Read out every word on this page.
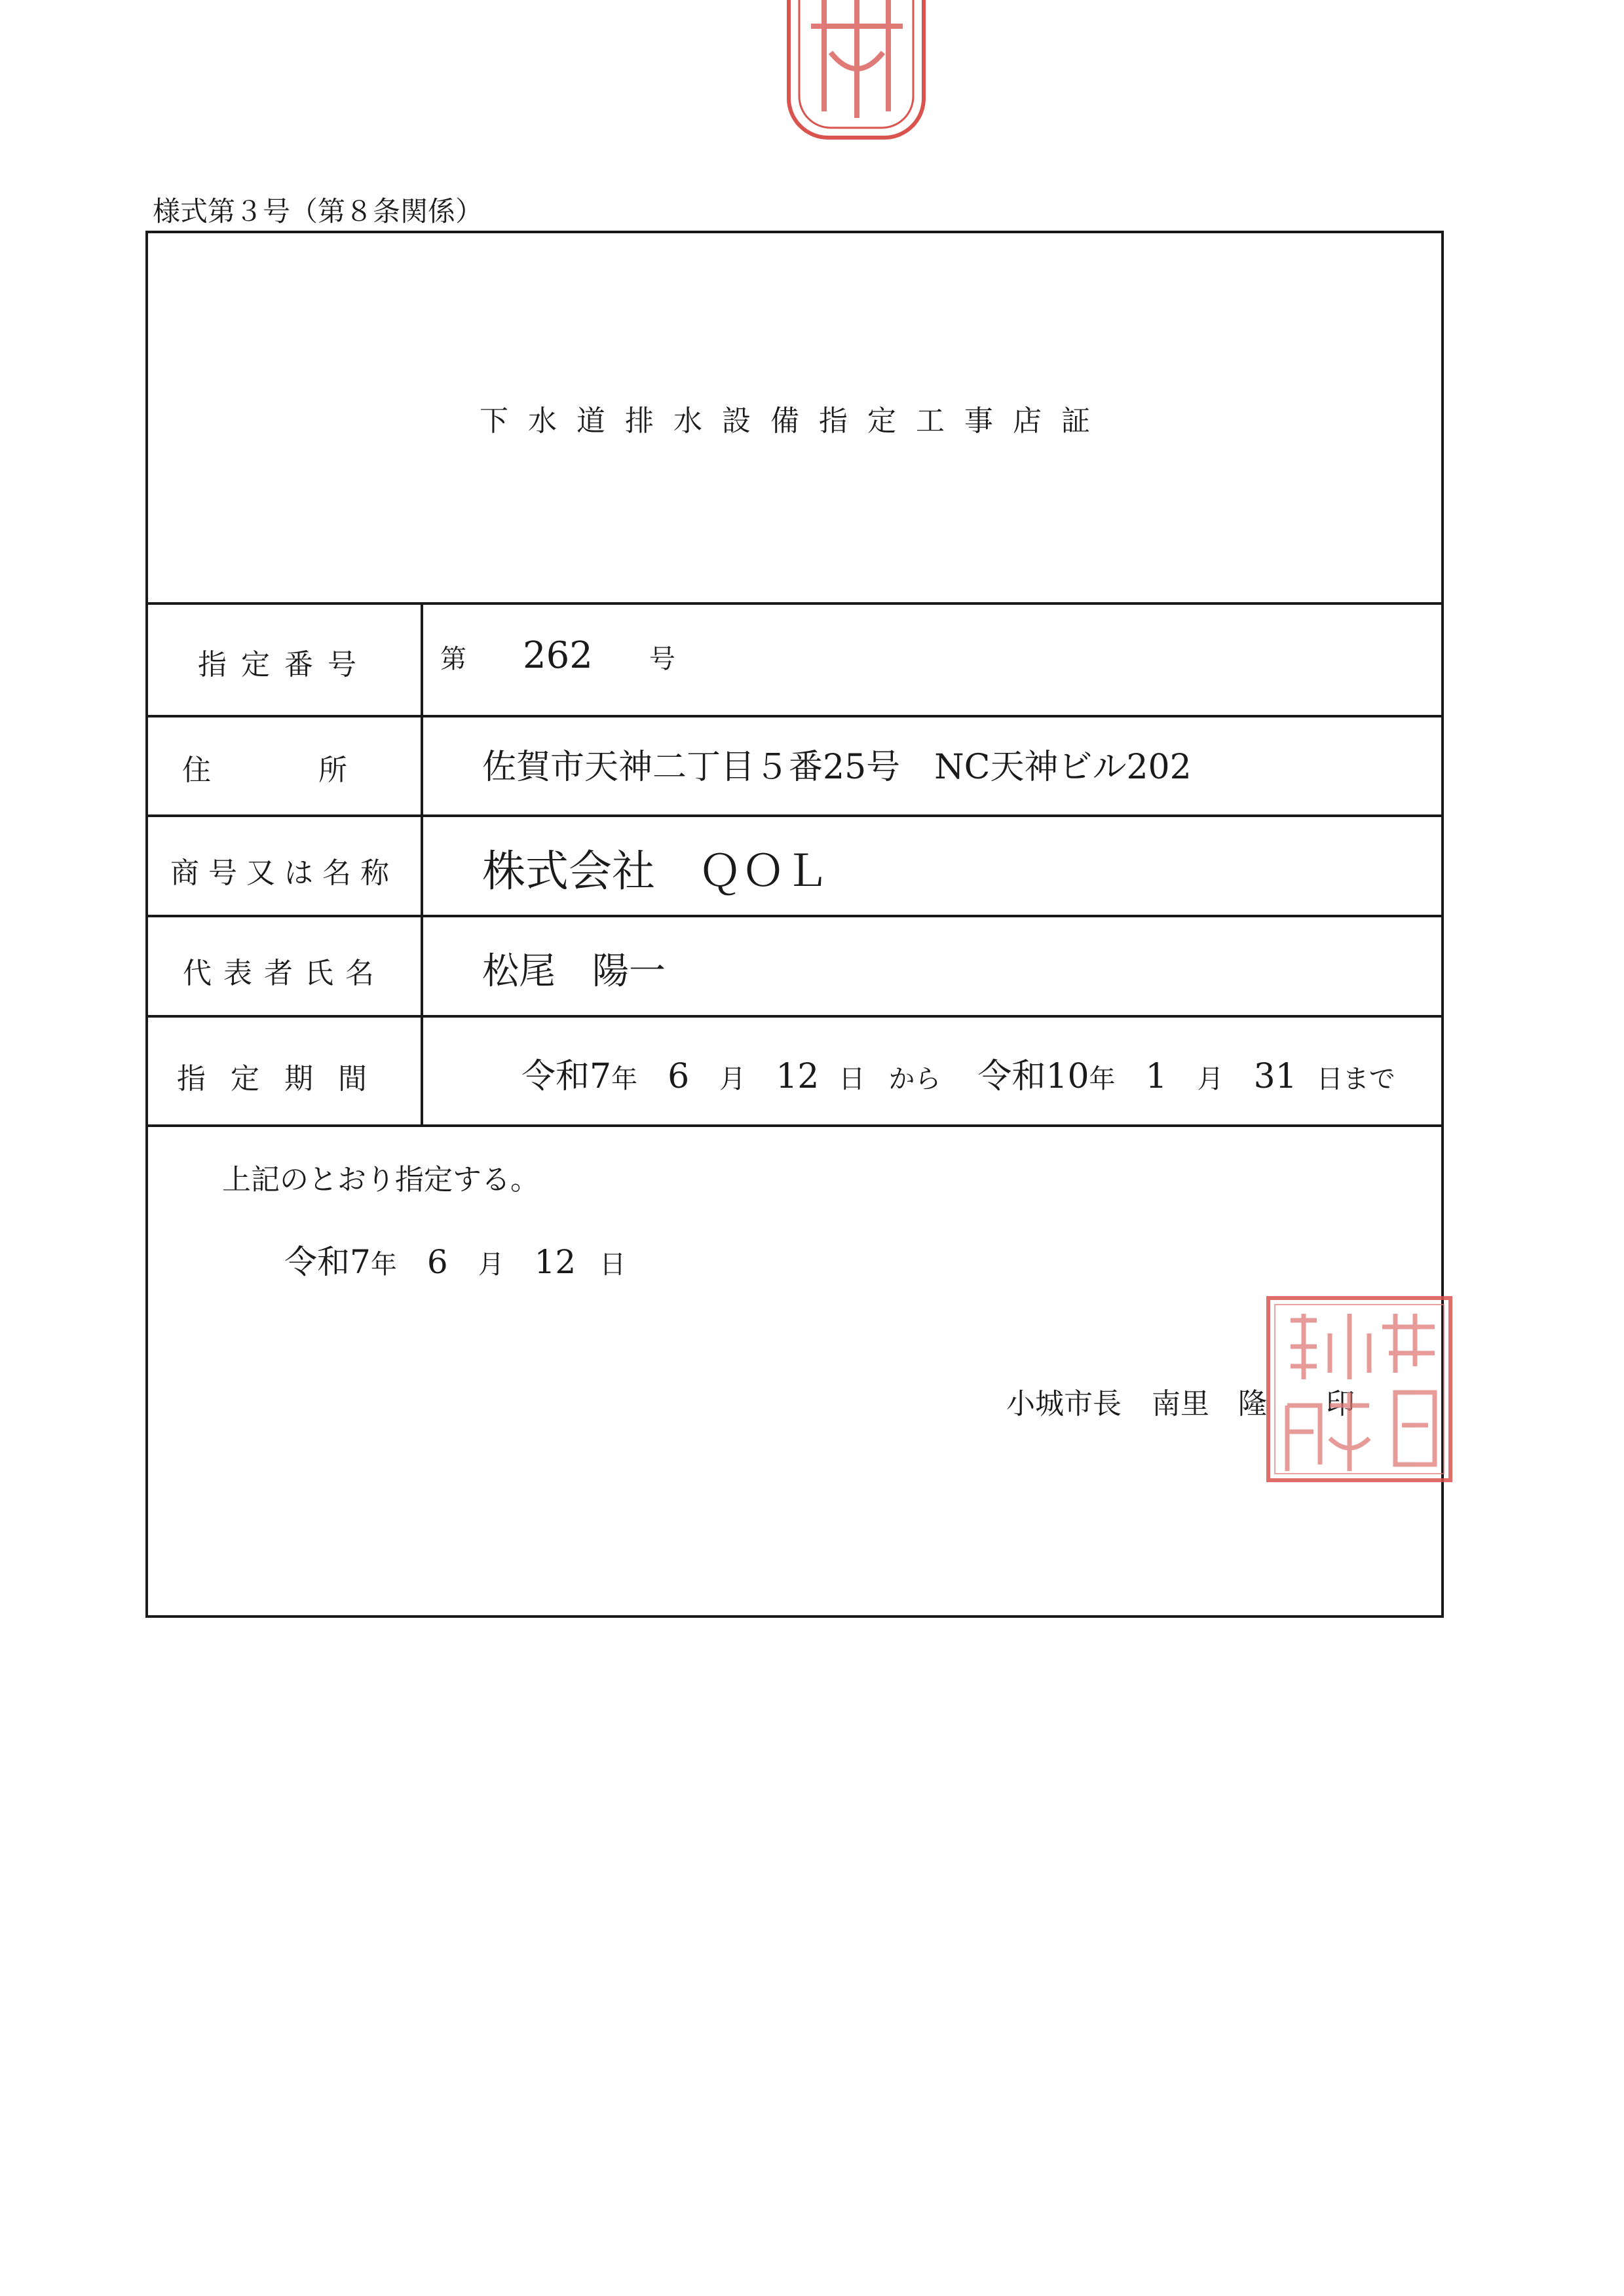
様式第３号（第８条関係）
下水道排水設備指定工事店証
指定番号	第 262 号
住　所	佐賀市天神二丁目５番25号　NC天神ビル202
商号又は名称	株式会社　ＱＯＬ
代表者氏名	松尾　陽一
指定期間	令和7年 6 月 12 日 から 令和10年 1 月 31 日まで
上記のとおり指定する。
令和7年 6 月 12 日
小城市長 南里　隆 印
